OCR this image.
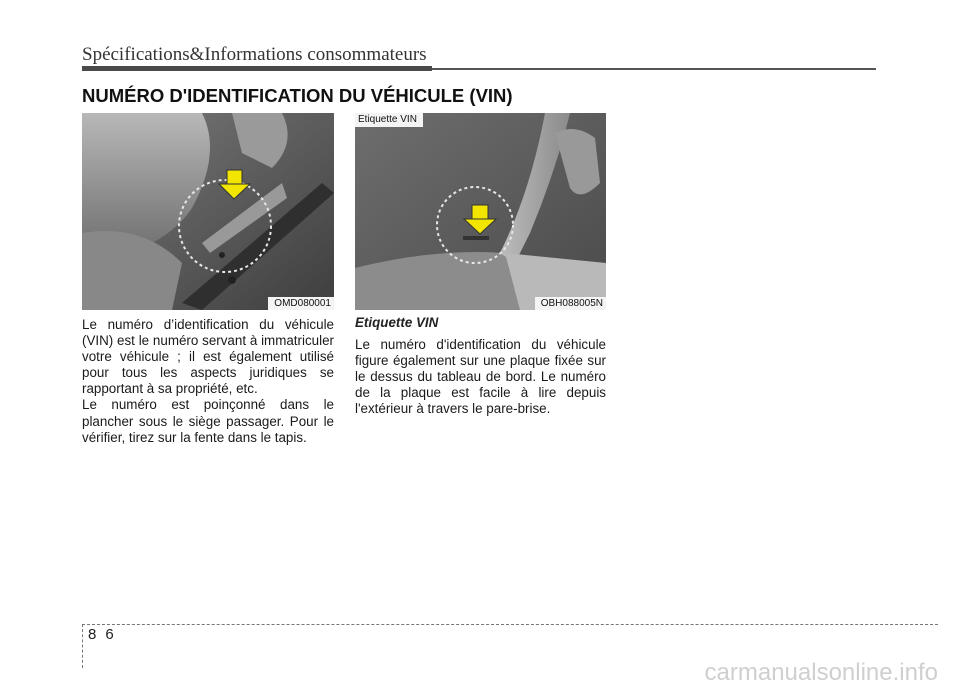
Spécifications&Informations consommateurs
NUMÉRO D'IDENTIFICATION DU VÉHICULE (VIN)
OMD080001
Etiquette VIN
OBH088005N

Le numéro d’identification du véhicule (VIN) est le numéro servant à immatriculer votre véhicule ; il est également utilisé pour tous les aspects juridiques se rapportant à sa propriété, etc.

Le numéro est poinçonné dans le plancher sous le siège passager. Pour le vérifier, tirez sur la fente dans le tapis.

Etiquette VIN

Le numéro d'identification du véhicule figure également sur une plaque fixée sur le dessus du tableau de bord. Le numéro de la plaque est facile à lire depuis l'extérieur à travers le pare-brise.

86
carmanualsonline.info
